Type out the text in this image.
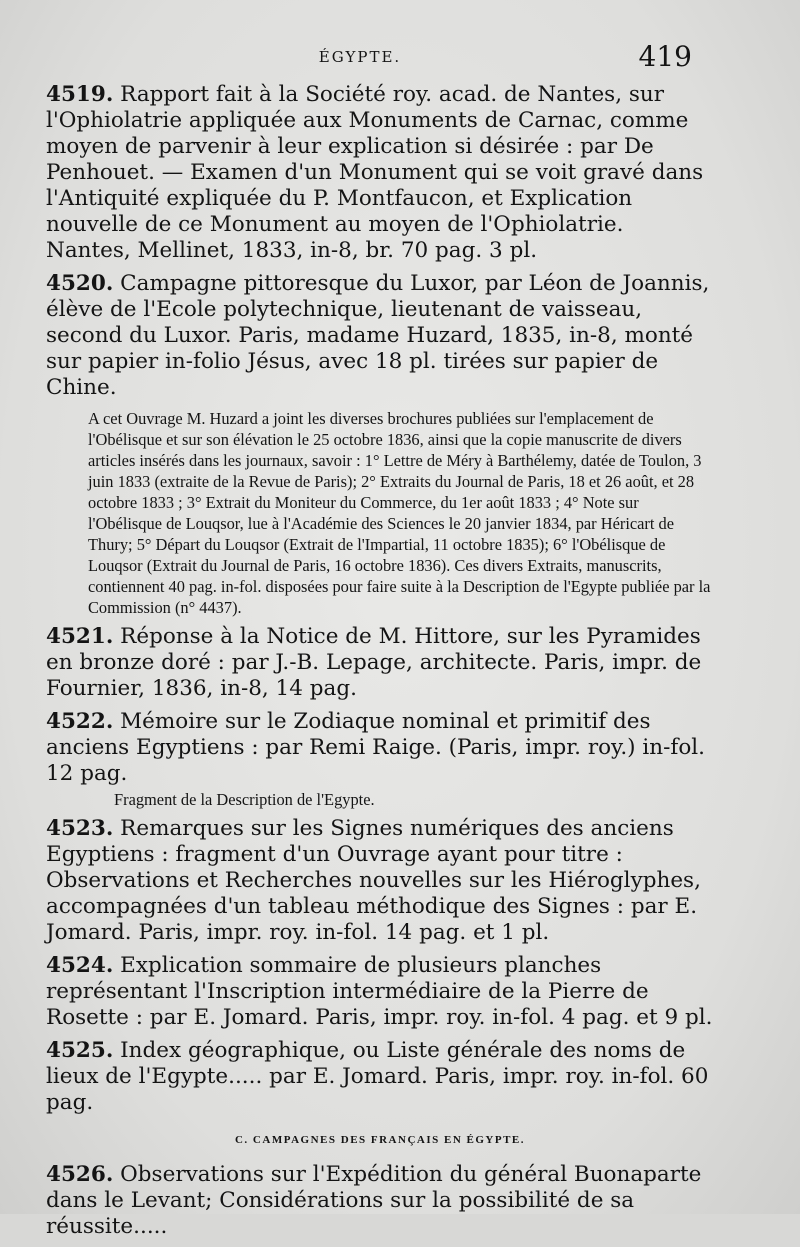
ÉGYPTE.	419

4519. Rapport fait à la Société roy. acad. de Nantes, sur l'Ophiolatrie appliquée aux Monuments de Carnac, comme moyen de parvenir à leur explication si désirée : par De Penhouet. — Examen d'un Monument qui se voit gravé dans l'Antiquité expliquée du P. Montfaucon, et Explication nouvelle de ce Monument au moyen de l'Ophiolatrie. Nantes, Mellinet, 1833, in-8, br. 70 pag. 3 pl.

4520. Campagne pittoresque du Luxor, par Léon de Joannis, élève de l'Ecole polytechnique, lieutenant de vaisseau, second du Luxor. Paris, madame Huzard, 1835, in-8, monté sur papier in-folio Jésus, avec 18 pl. tirées sur papier de Chine.

A cet Ouvrage M. Huzard a joint les diverses brochures publiées sur l'emplacement de l'Obélisque et sur son élévation le 25 octobre 1836, ainsi que la copie manuscrite de divers articles insérés dans les journaux, savoir : 1° Lettre de Méry à Barthélemy, datée de Toulon, 3 juin 1833 (extraite de la Revue de Paris); 2° Extraits du Journal de Paris, 18 et 26 août, et 28 octobre 1833 ; 3° Extrait du Moniteur du Commerce, du 1er août 1833 ; 4° Note sur l'Obélisque de Louqsor, lue à l'Académie des Sciences le 20 janvier 1834, par Héricart de Thury; 5° Départ du Louqsor (Extrait de l'Impartial, 11 octobre 1835); 6° l'Obélisque de Louqsor (Extrait du Journal de Paris, 16 octobre 1836). Ces divers Extraits, manuscrits, contiennent 40 pag. in-fol. disposées pour faire suite à la Description de l'Egypte publiée par la Commission (n° 4437).

4521. Réponse à la Notice de M. Hittore, sur les Pyramides en bronze doré : par J.-B. Lepage, architecte. Paris, impr. de Fournier, 1836, in-8, 14 pag.

4522. Mémoire sur le Zodiaque nominal et primitif des anciens Egyptiens : par Remi Raige. (Paris, impr. roy.) in-fol. 12 pag.

Fragment de la Description de l'Egypte.

4523. Remarques sur les Signes numériques des anciens Egyptiens : fragment d'un Ouvrage ayant pour titre : Observations et Recherches nouvelles sur les Hiéroglyphes, accompagnées d'un tableau méthodique des Signes : par E. Jomard. Paris, impr. roy. in-fol. 14 pag. et 1 pl.

4524. Explication sommaire de plusieurs planches représentant l'Inscription intermédiaire de la Pierre de Rosette : par E. Jomard. Paris, impr. roy. in-fol. 4 pag. et 9 pl.

4525. Index géographique, ou Liste générale des noms de lieux de l'Egypte..... par E. Jomard. Paris, impr. roy. in-fol. 60 pag.

C. CAMPAGNES DES FRANÇAIS EN ÉGYPTE.

4526. Observations sur l'Expédition du général Buonaparte dans le Levant; Considérations sur la possibilité de sa réussite.....
